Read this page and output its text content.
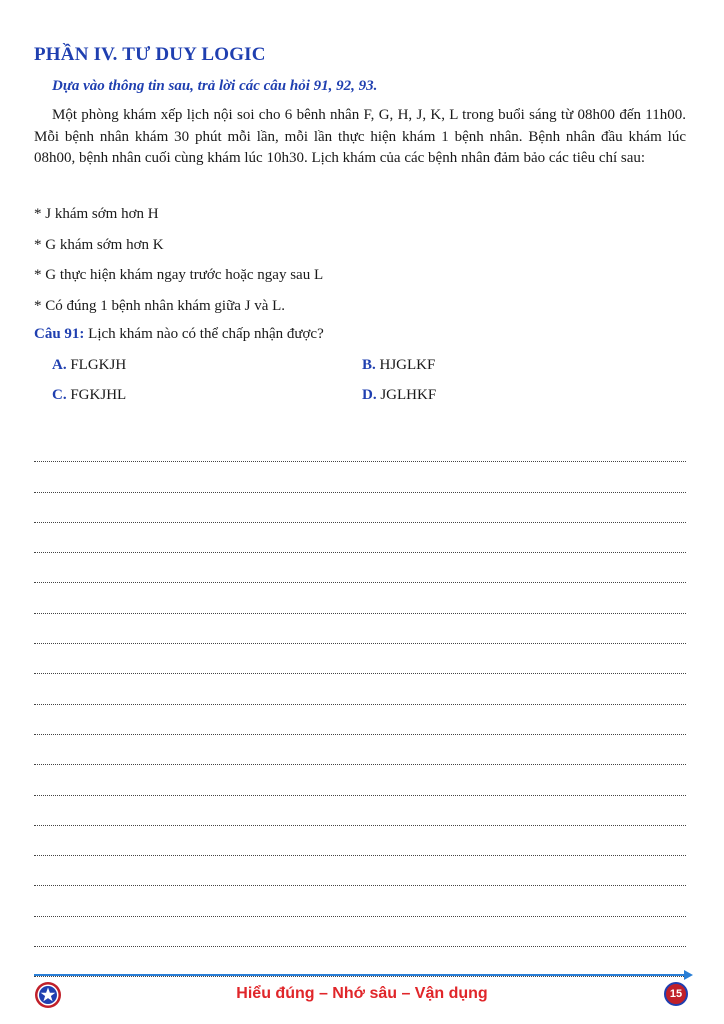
PHẦN IV. TƯ DUY LOGIC
Dựa vào thông tin sau, trả lời các câu hỏi 91, 92, 93.
Một phòng khám xếp lịch nội soi cho 6 bênh nhân F, G, H, J, K, L trong buổi sáng từ 08h00 đến 11h00. Mỗi bệnh nhân khám 30 phút mỗi lần, mỗi lần thực hiện khám 1 bệnh nhân. Bệnh nhân đầu khám lúc 08h00, bệnh nhân cuối cùng khám lúc 10h30. Lịch khám của các bệnh nhân đảm bảo các tiêu chí sau:
* J khám sớm hơn H
* G khám sớm hơn K
* G thực hiện khám ngay trước hoặc ngay sau L
* Có đúng 1 bệnh nhân khám giữa J và L.
Câu 91: Lịch khám nào có thể chấp nhận được?
A. FLGKJH	B. HJGLKF
C. FGKJHL	D. JGLHKF
Hiểu đúng – Nhớ sâu – Vận dụng	15
